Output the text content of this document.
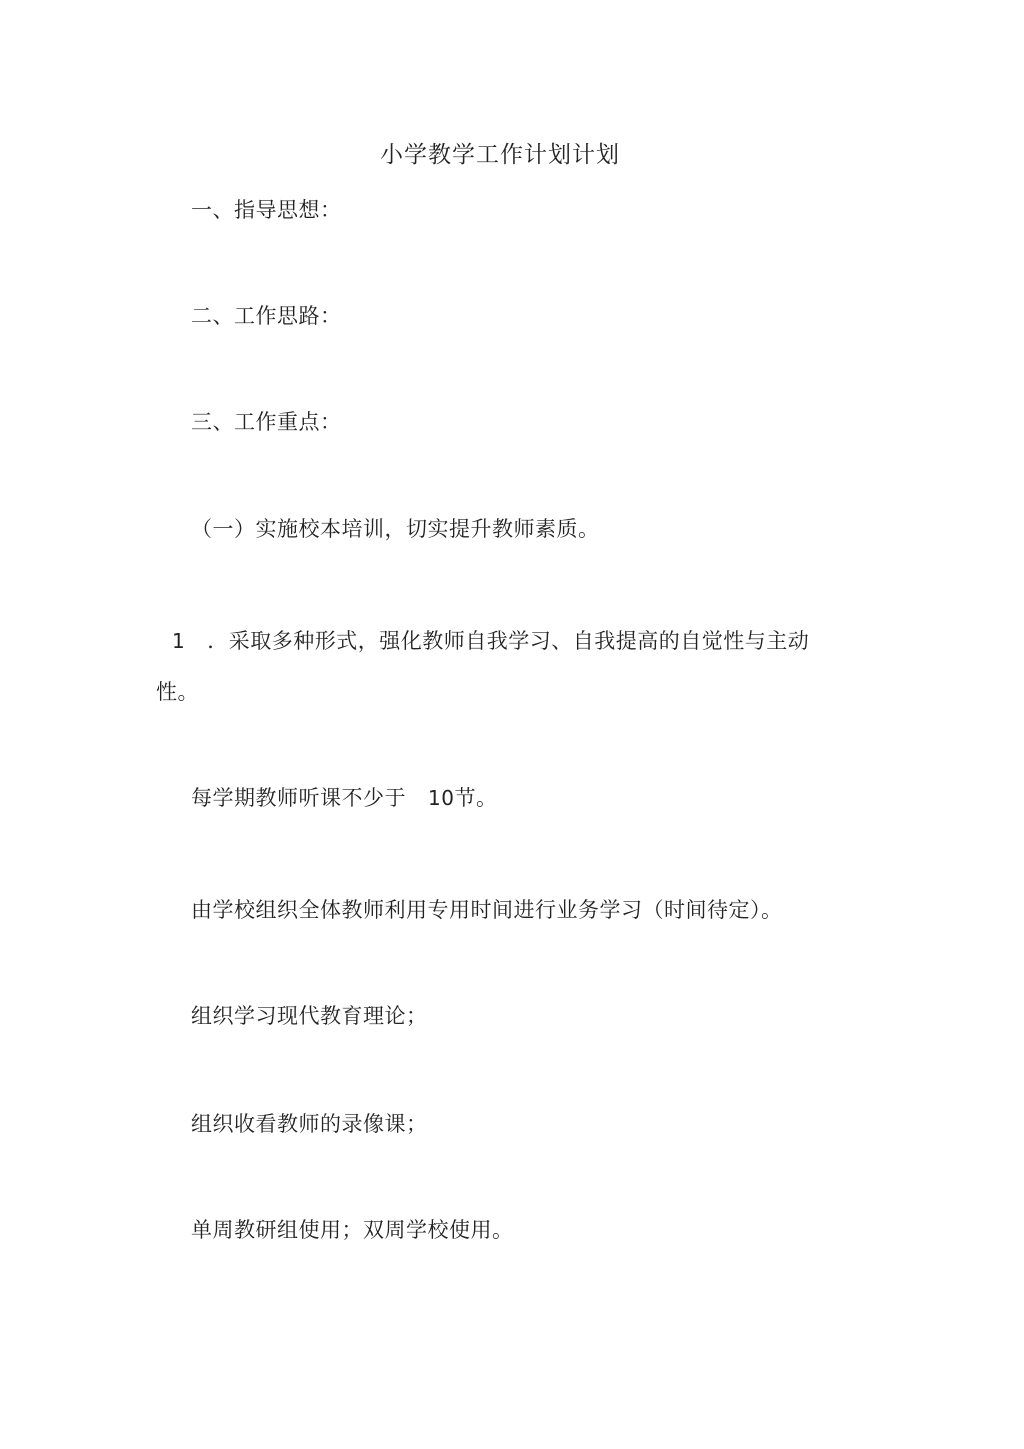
小学教学工作计划计划
一、指导思想：
二、工作思路：
三、工作重点：
（一）实施校本培训，切实提升教师素质。
1 ．采取多种形式，强化教师自我学习、自我提高的自觉性与主动
性。
每学期教师听课不少于 10节。
由学校组织全体教师利用专用时间进行业务学习（时间待定）。
组织学习现代教育理论；
组织收看教师的录像课；
单周教研组使用；双周学校使用。
